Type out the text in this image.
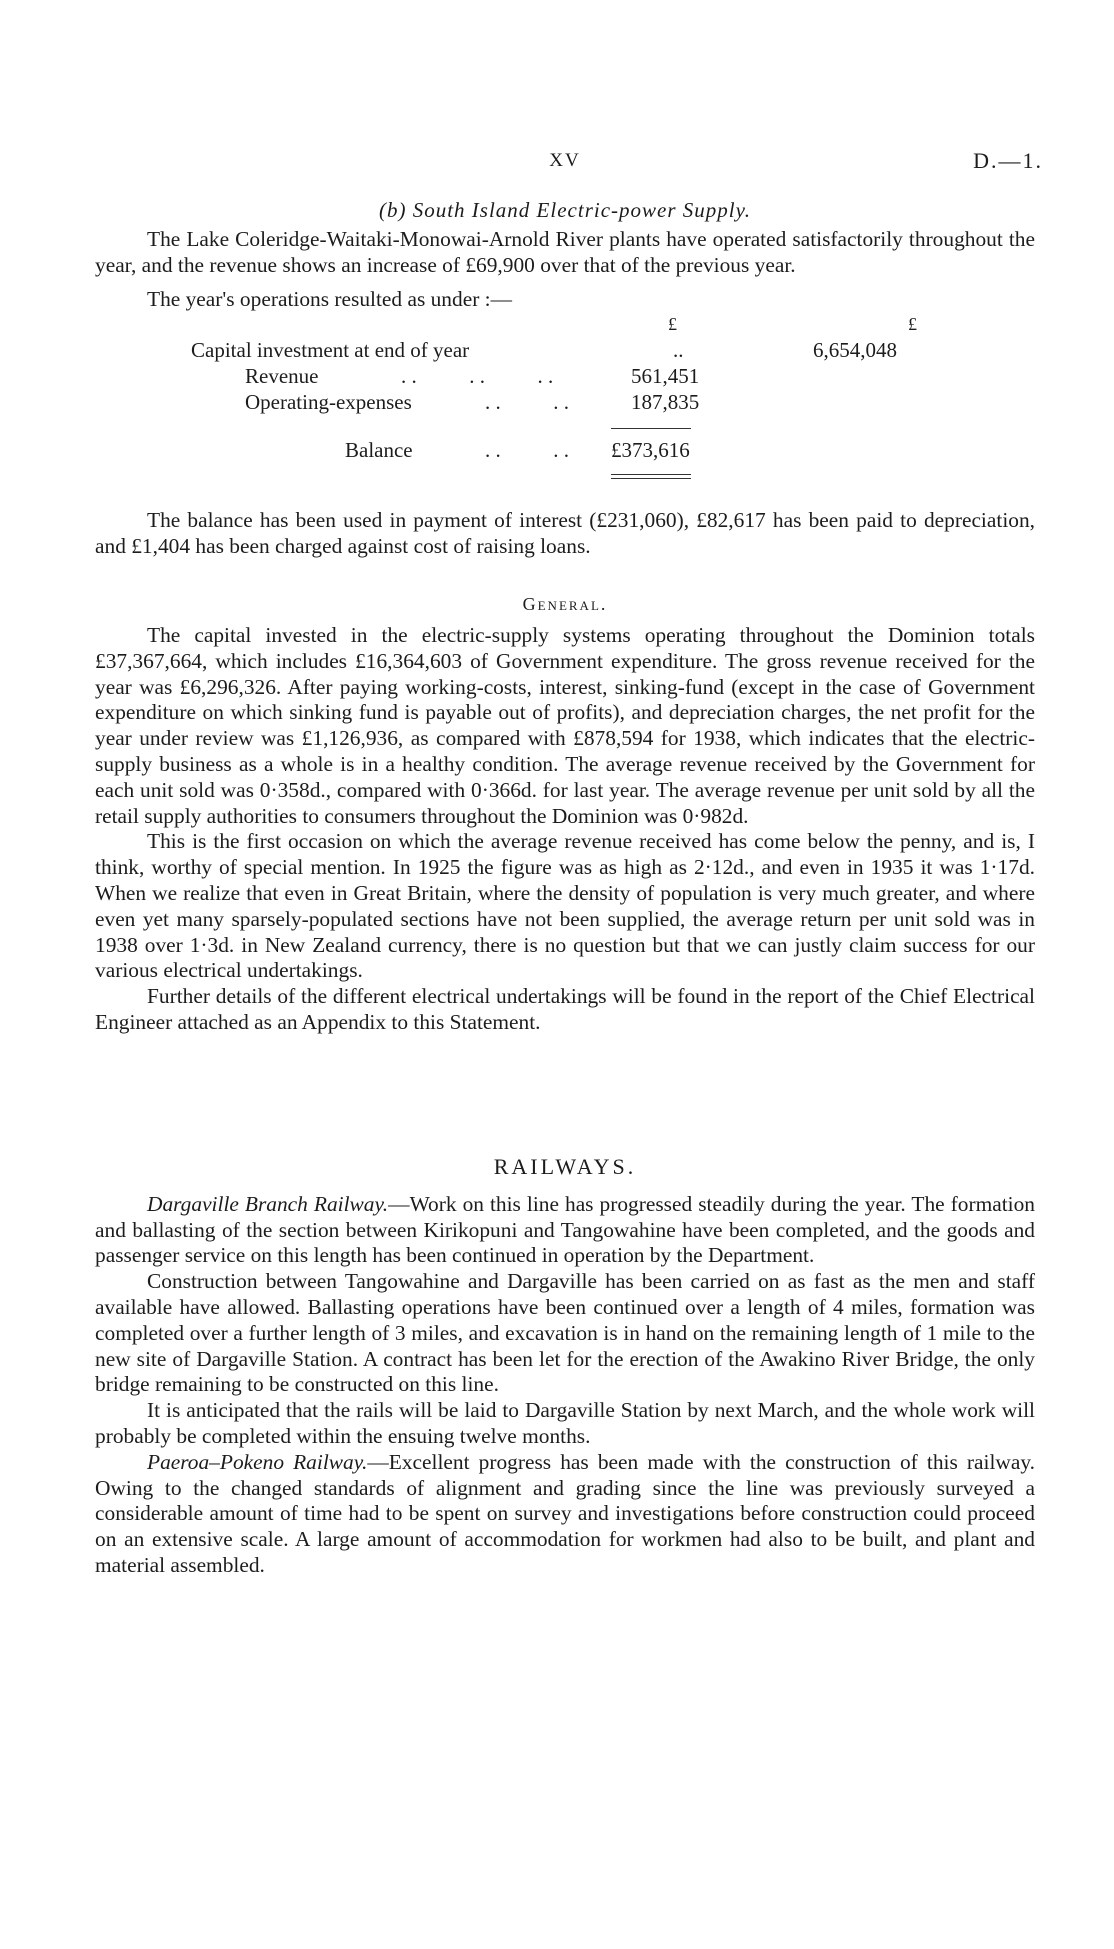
XV	D.—1.
(b) South Island Electric-power Supply.

The Lake Coleridge-Waitaki-Monowai-Arnold River plants have operated satisfactorily throughout the year, and the revenue shows an increase of £69,900 over that of the previous year.

The year's operations resulted as under :—

£	£
Capital investment at end of year	..	6,654,048
Revenue	. .          . .          . .	561,451
Operating-expenses	. .          . .	187,835
Balance	. .          . . £373,616

The balance has been used in payment of interest (£231,060), £82,617 has been paid to depreciation, and £1,404 has been charged against cost of raising loans.

General.

The capital invested in the electric-supply systems operating throughout the Dominion totals £37,367,664, which includes £16,364,603 of Government expenditure. The gross revenue received for the year was £6,296,326. After paying working-costs, interest, sinking-fund (except in the case of Government expenditure on which sinking fund is payable out of profits), and depreciation charges, the net profit for the year under review was £1,126,936, as compared with £878,594 for 1938, which indicates that the electric-supply business as a whole is in a healthy condition. The average revenue received by the Government for each unit sold was 0·358d., compared with 0·366d. for last year. The average revenue per unit sold by all the retail supply authorities to consumers throughout the Dominion was 0·982d.

This is the first occasion on which the average revenue received has come below the penny, and is, I think, worthy of special mention. In 1925 the figure was as high as 2·12d., and even in 1935 it was 1·17d. When we realize that even in Great Britain, where the density of population is very much greater, and where even yet many sparsely-populated sections have not been supplied, the average return per unit sold was in 1938 over 1·3d. in New Zealand currency, there is no question but that we can justly claim success for our various electrical undertakings.

Further details of the different electrical undertakings will be found in the report of the Chief Electrical Engineer attached as an Appendix to this Statement.

RAILWAYS.

Dargaville Branch Railway.—Work on this line has progressed steadily during the year. The formation and ballasting of the section between Kirikopuni and Tangowahine have been completed, and the goods and passenger service on this length has been continued in operation by the Department.

Construction between Tangowahine and Dargaville has been carried on as fast as the men and staff available have allowed. Ballasting operations have been continued over a length of 4 miles, formation was completed over a further length of 3 miles, and excavation is in hand on the remaining length of 1 mile to the new site of Dargaville Station. A contract has been let for the erection of the Awakino River Bridge, the only bridge remaining to be constructed on this line.

It is anticipated that the rails will be laid to Dargaville Station by next March, and the whole work will probably be completed within the ensuing twelve months.

Paeroa–Pokeno Railway.—Excellent progress has been made with the construction of this railway. Owing to the changed standards of alignment and grading since the line was previously surveyed a considerable amount of time had to be spent on survey and investigations before construction could proceed on an extensive scale. A large amount of accommodation for workmen had also to be built, and plant and material assembled.
